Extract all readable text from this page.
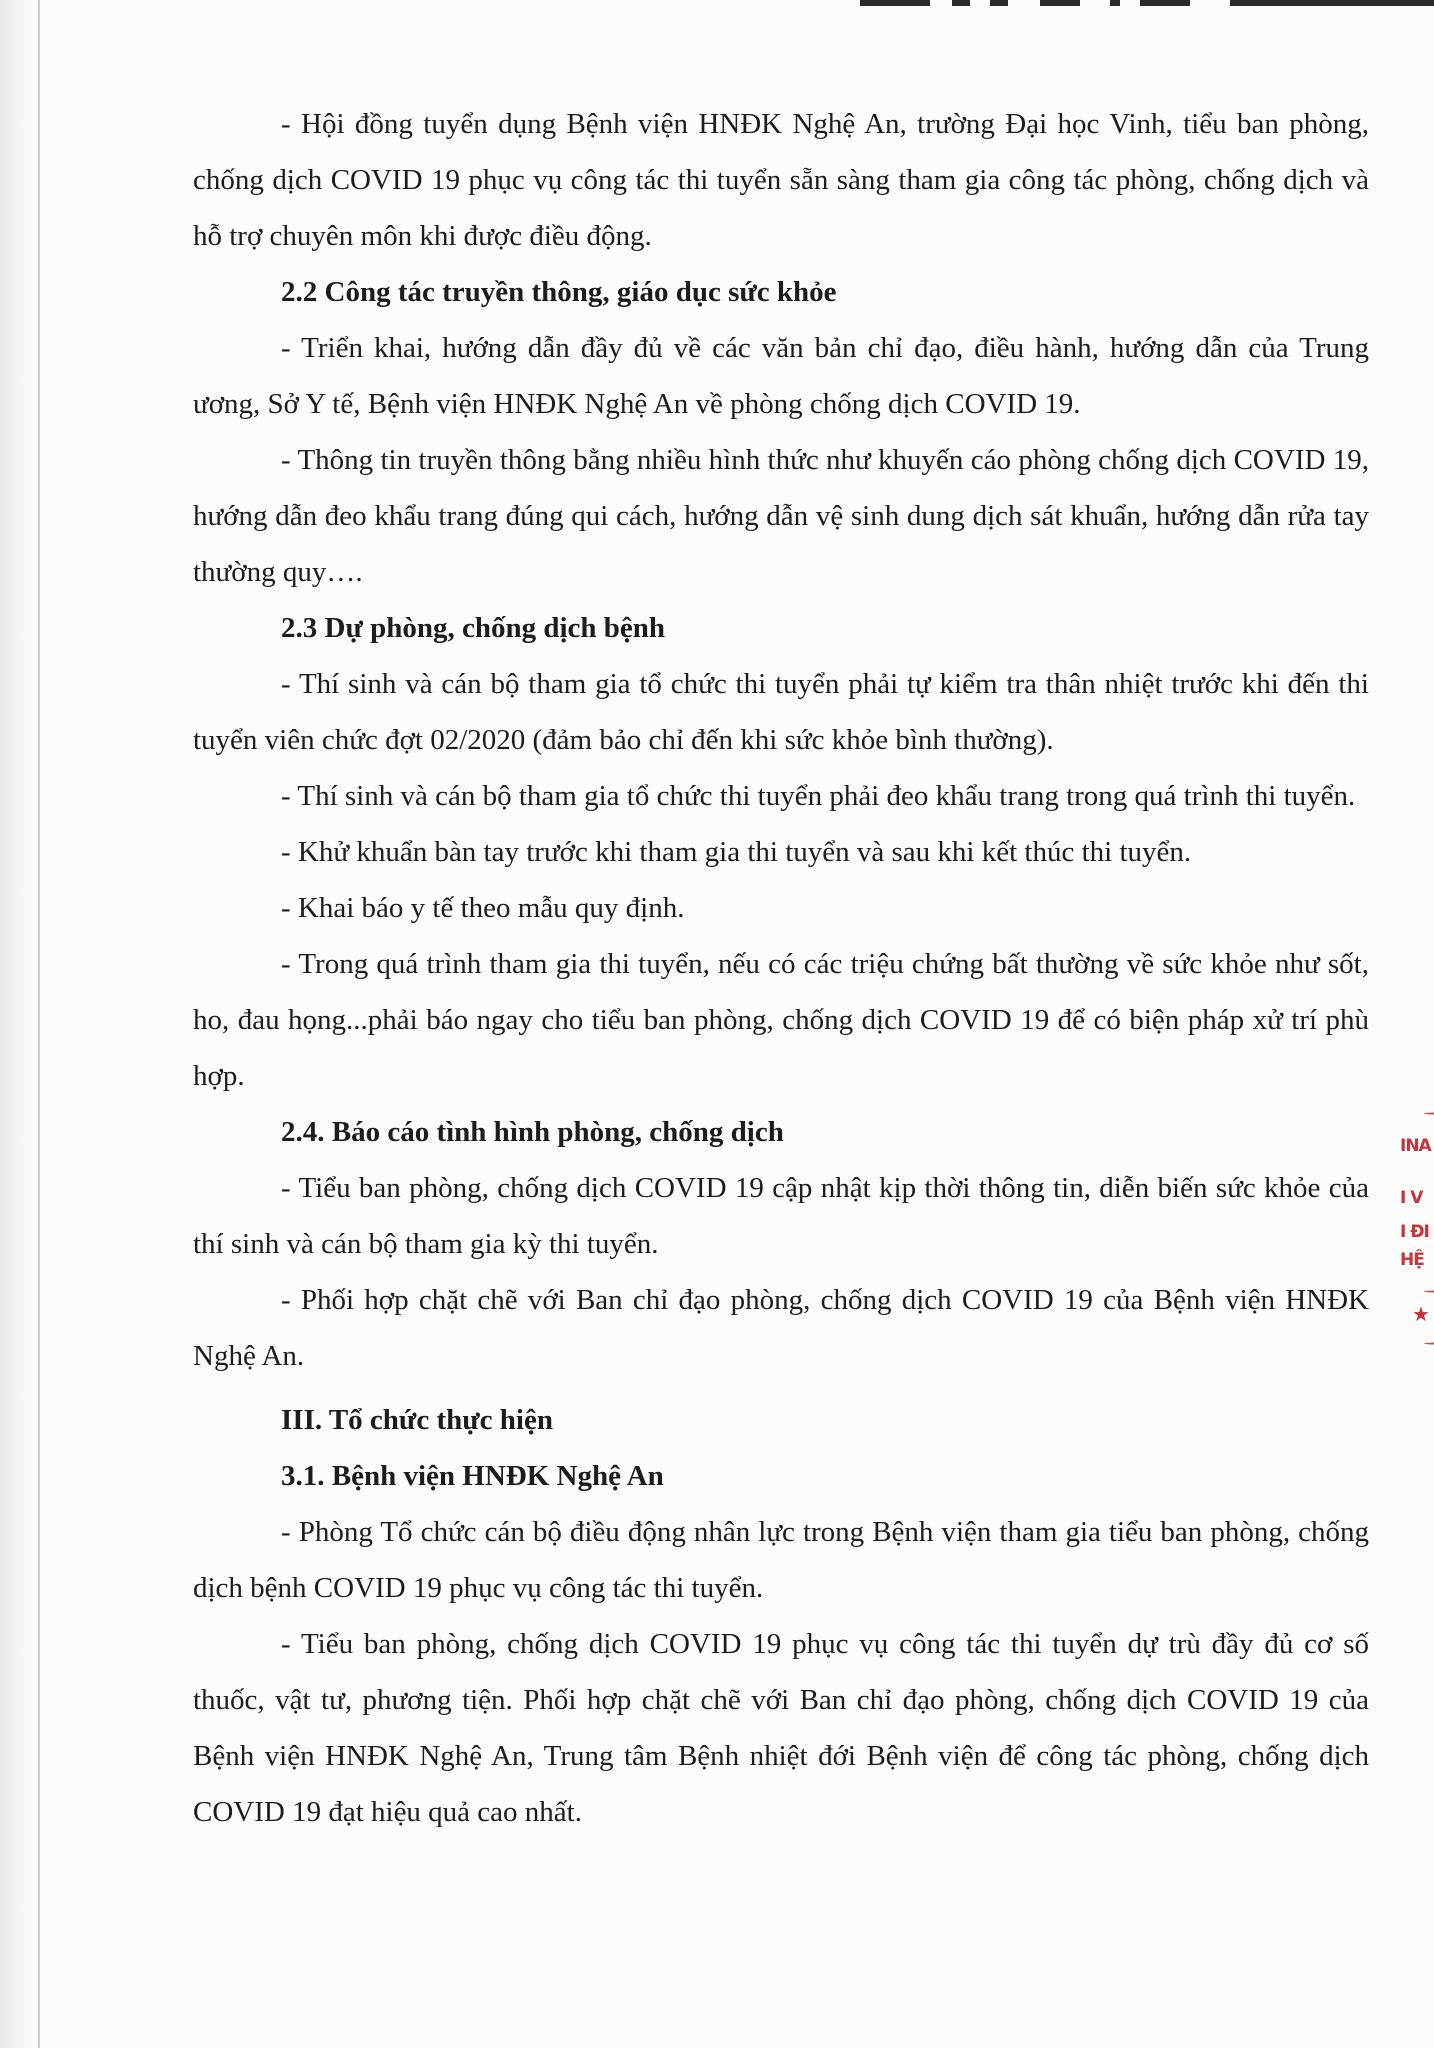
INA
I V
I ĐI
HỆ
★

- Hội đồng tuyển dụng Bệnh viện HNĐK Nghệ An, trường Đại học Vinh, tiểu ban phòng, chống dịch COVID 19 phục vụ công tác thi tuyển sẵn sàng tham gia công tác phòng, chống dịch và hỗ trợ chuyên môn khi được điều động.

2.2 Công tác truyền thông, giáo dục sức khỏe

- Triển khai, hướng dẫn đầy đủ về các văn bản chỉ đạo, điều hành, hướng dẫn của Trung ương, Sở Y tế, Bệnh viện HNĐK Nghệ An về phòng chống dịch COVID 19.

- Thông tin truyền thông bằng nhiều hình thức như khuyến cáo phòng chống dịch COVID 19, hướng dẫn đeo khẩu trang đúng qui cách, hướng dẫn vệ sinh dung dịch sát khuẩn, hướng dẫn rửa tay thường quy….

2.3 Dự phòng, chống dịch bệnh

- Thí sinh và cán bộ tham gia tổ chức thi tuyển phải tự kiểm tra thân nhiệt trước khi đến thi tuyển viên chức đợt 02/2020 (đảm bảo chỉ đến khi sức khỏe bình thường).

- Thí sinh và cán bộ tham gia tổ chức thi tuyển phải đeo khẩu trang trong quá trình thi tuyển.

- Khử khuẩn bàn tay trước khi tham gia thi tuyển và sau khi kết thúc thi tuyển.

- Khai báo y tế theo mẫu quy định.

- Trong quá trình tham gia thi tuyển, nếu có các triệu chứng bất thường về sức khỏe như sốt, ho, đau họng...phải báo ngay cho tiểu ban phòng, chống dịch COVID 19 để có biện pháp xử trí phù hợp.

2.4. Báo cáo tình hình phòng, chống dịch

- Tiểu ban phòng, chống dịch COVID 19 cập nhật kịp thời thông tin, diễn biến sức khỏe của thí sinh và cán bộ tham gia kỳ thi tuyển.

- Phối hợp chặt chẽ với Ban chỉ đạo phòng, chống dịch COVID 19 của Bệnh viện HNĐK Nghệ An.

III. Tổ chức thực hiện

3.1. Bệnh viện HNĐK Nghệ An

- Phòng Tổ chức cán bộ điều động nhân lực trong Bệnh viện tham gia tiểu ban phòng, chống dịch bệnh COVID 19 phục vụ công tác thi tuyển.

- Tiểu ban phòng, chống dịch COVID 19 phục vụ công tác thi tuyển dự trù đầy đủ cơ số thuốc, vật tư, phương tiện. Phối hợp chặt chẽ với Ban chỉ đạo phòng, chống dịch COVID 19 của Bệnh viện HNĐK Nghệ An, Trung tâm Bệnh nhiệt đới Bệnh viện để công tác phòng, chống dịch COVID 19 đạt hiệu quả cao nhất.
